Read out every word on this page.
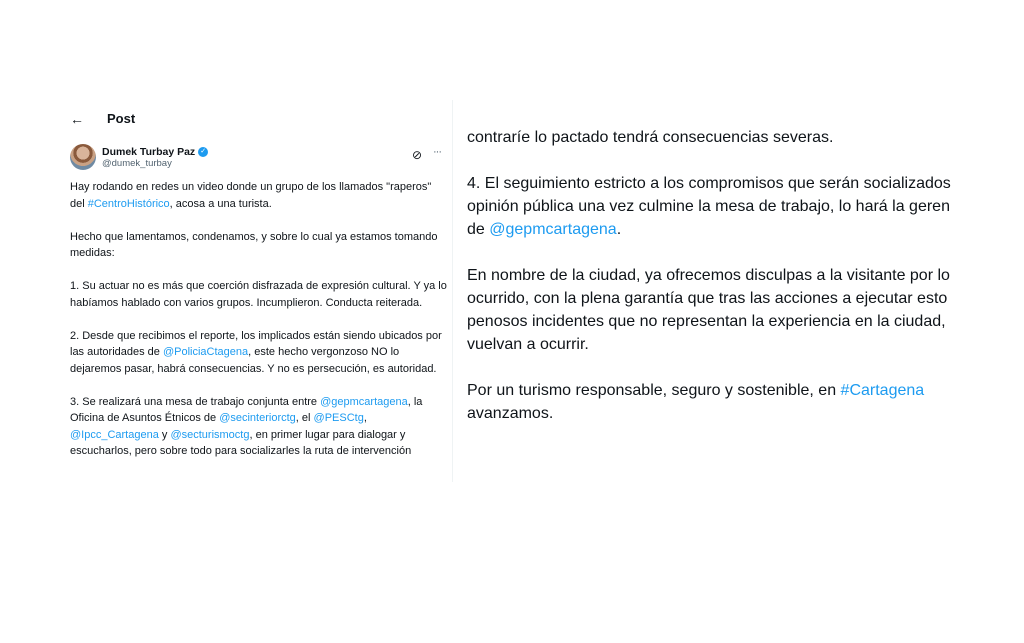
← Post
Dumek Turbay Paz ✓
@dumek_turbay
⊘ ···

Hay rodando en redes un video donde un grupo de los llamados "raperos" del #CentroHistórico, acosa a una turista.

Hecho que lamentamos, condenamos, y sobre lo cual ya estamos tomando medidas:

1. Su actuar no es más que coerción disfrazada de expresión cultural. Y ya lo habíamos hablado con varios grupos. Incumplieron. Conducta reiterada.

2. Desde que recibimos el reporte, los implicados están siendo ubicados por las autoridades de @PoliciaCtagena, este hecho vergonzoso NO lo dejaremos pasar, habrá consecuencias. Y no es persecución, es autoridad.

3. Se realizará una mesa de trabajo conjunta entre @gepmcartagena, la Oficina de Asuntos Étnicos de @secinteriorctg, el @PESCtg, @Ipcc_Cartagena y @secturismoctg, en primer lugar para dialogar y escucharlos, pero sobre todo para socializarles la ruta de intervención

contraríe lo pactado tendrá consecuencias severas.

4. El seguimiento estricto a los compromisos que serán socializados
opinión pública una vez culmine la mesa de trabajo, lo hará la geren
de @gepmcartagena.

En nombre de la ciudad, ya ofrecemos disculpas a la visitante por lo
ocurrido, con la plena garantía que tras las acciones a ejecutar esto
penosos incidentes que no representan la experiencia en la ciudad,
vuelvan a ocurrir.

Por un turismo responsable, seguro y sostenible, en #Cartagena
avanzamos.
